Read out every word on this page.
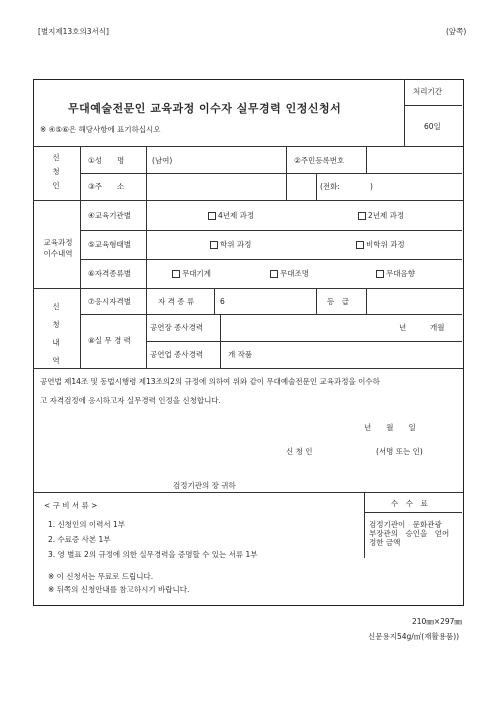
[별지제13호의3서식]	(앞쪽)
무대예술전문인 교육과정 이수자 실무경력 인정신청서
※ ④⑤⑥은 해당사항에 표기하십시오
처리기간
60일
신
청
인
①성　　명	(남여)	②주민등록번호
③주　　소	(전화:　　　　)
교육과정
이수내역
④교육기관별	4년제 과정	2년제 과정
⑤교육형태별	학위 과정	비학위 과정
⑥자격종류별	무대기계	무대조명	무대음향
신
청
내
역
⑦응시자격별	자 격 종 류	6	등　급
⑧실 무 경 력
공연장 종사경력	년	개월
공연업 종사경력	개 작품
공연법 제14조 및 동법시행령 제13조의2의 규정에 의하여 위와 같이 무대예술전문인 교육과정을 이수하
고 자격검정에 응시하고자 실무경력 인정을 신청합니다.
년　　월　　일
신 청 인	(서명 또는 인)
검정기관의 장 귀하
< 구 비 서 류 >
1. 신청인의 이력서 1부
2. 수료증 사본 1부
3. 영 별표 2의 규정에 의한 실무경력을 증명할 수 있는 서류 1부
※ 이 신청서는 무료로 드립니다.
※ 뒤쪽의 신청안내를 참고하시기 바랍니다.
수　수　료
검정기관이　문화관광
부장관의　승인을　얻어
정한 금액
210㎜×297㎜
신문용지54g/㎡(재활용품))
